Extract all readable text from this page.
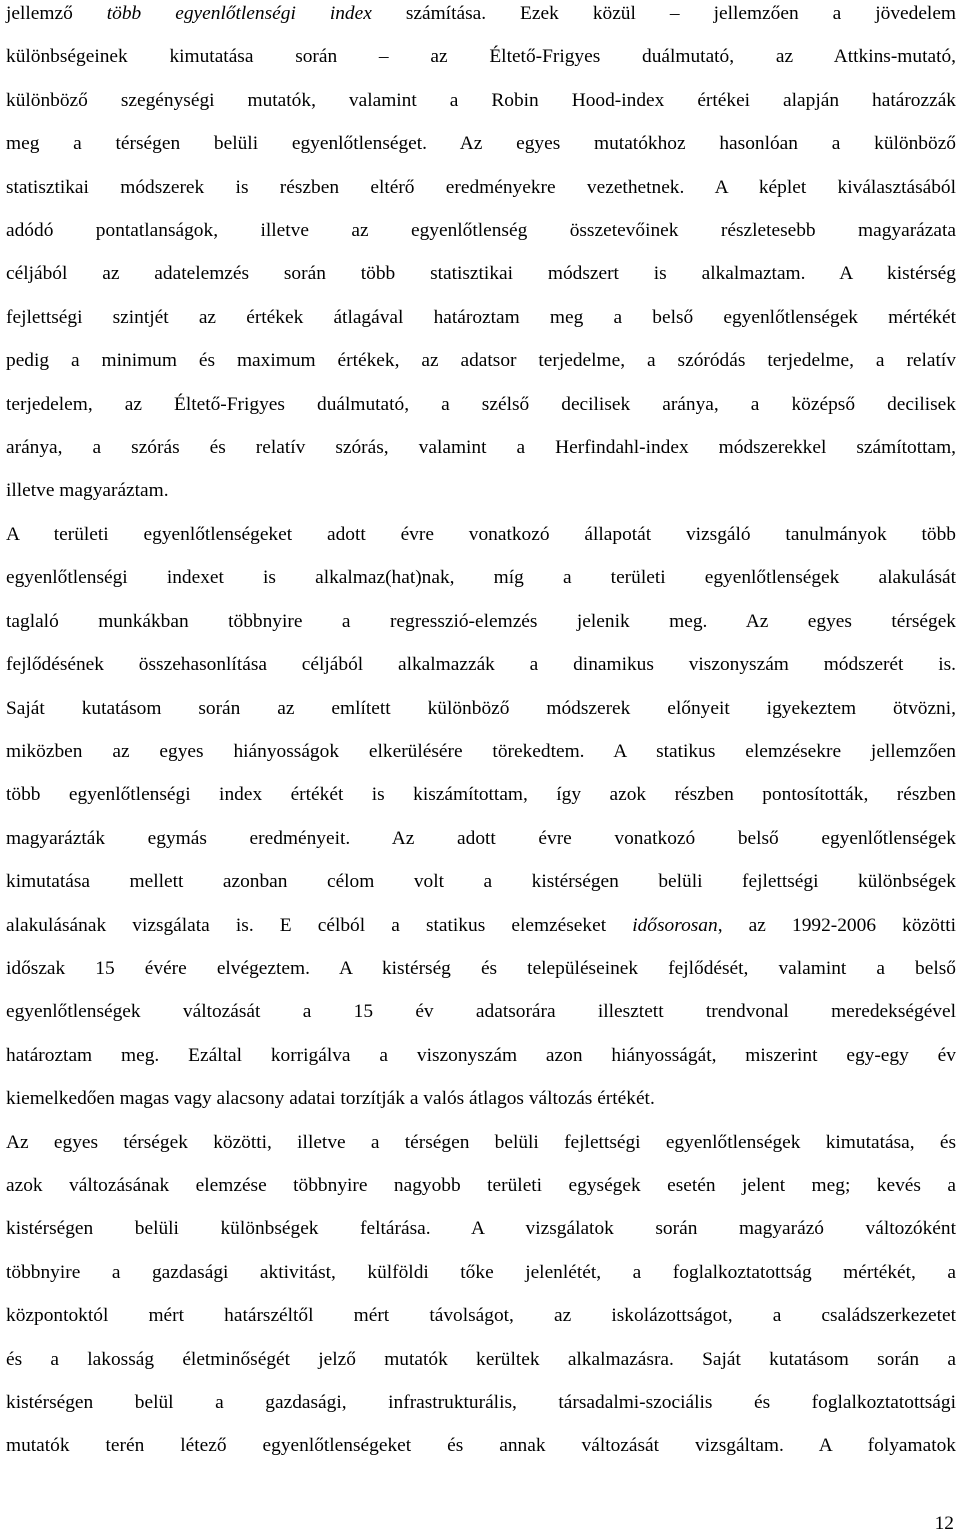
jellemző több egyenlőtlenségi index számítása. Ezek közül – jellemzően a jövedelem
különbségeinek kimutatása során – az Éltető-Frigyes duálmutató, az Attkins-mutató,
különböző szegénységi mutatók, valamint a Robin Hood-index értékei alapján határozzák
meg a térségen belüli egyenlőtlenséget. Az egyes mutatókhoz hasonlóan a különböző
statisztikai módszerek is részben eltérő eredményekre vezethetnek. A képlet kiválasztásából
adódó pontatlanságok, illetve az egyenlőtlenség összetevőinek részletesebb magyarázata
céljából az adatelemzés során több statisztikai módszert is alkalmaztam. A kistérség
fejlettségi szintjét az értékek átlagával határoztam meg a belső egyenlőtlenségek mértékét
pedig a minimum és maximum értékek, az adatsor terjedelme, a szóródás terjedelme, a relatív
terjedelem, az Éltető-Frigyes duálmutató, a szélső decilisek aránya, a középső decilisek
aránya, a szórás és relatív szórás, valamint a Herfindahl-index módszerekkel számítottam,
illetve magyaráztam.
A területi egyenlőtlenségeket adott évre vonatkozó állapotát vizsgáló tanulmányok több
egyenlőtlenségi indexet is alkalmaz(hat)nak, míg a területi egyenlőtlenségek alakulását
taglaló munkákban többnyire a regresszió-elemzés jelenik meg. Az egyes térségek
fejlődésének összehasonlítása céljából alkalmazzák a dinamikus viszonyszám módszerét is.
Saját kutatásom során az említett különböző módszerek előnyeit igyekeztem ötvözni,
miközben az egyes hiányosságok elkerülésére törekedtem. A statikus elemzésekre jellemzően
több egyenlőtlenségi index értékét is kiszámítottam, így azok részben pontosították, részben
magyarázták egymás eredményeit. Az adott évre vonatkozó belső egyenlőtlenségek
kimutatása mellett azonban célom volt a kistérségen belüli fejlettségi különbségek
alakulásának vizsgálata is. E célból a statikus elemzéseket idősorosan, az 1992-2006 közötti
időszak 15 évére elvégeztem. A kistérség és településeinek fejlődését, valamint a belső
egyenlőtlenségek változását a 15 év adatsorára illesztett trendvonal meredekségével
határoztam meg. Ezáltal korrigálva a viszonyszám azon hiányosságát, miszerint egy-egy év
kiemelkedően magas vagy alacsony adatai torzítják a valós átlagos változás értékét.
Az egyes térségek közötti, illetve a térségen belüli fejlettségi egyenlőtlenségek kimutatása, és
azok változásának elemzése többnyire nagyobb területi egységek esetén jelent meg; kevés a
kistérségen belüli különbségek feltárása. A vizsgálatok során magyarázó változóként
többnyire a gazdasági aktivitást, külföldi tőke jelenlétét, a foglalkoztatottság mértékét, a
központoktól mért határszéltől mért távolságot, az iskolázottságot, a családszerkezetet
és a lakosság életminőségét jelző mutatók kerültek alkalmazásra. Saját kutatásom során a
kistérségen belül a gazdasági, infrastrukturális, társadalmi-szociális és foglalkoztatottsági
mutatók terén létező egyenlőtlenségeket és annak változását vizsgáltam. A folyamatok
12
